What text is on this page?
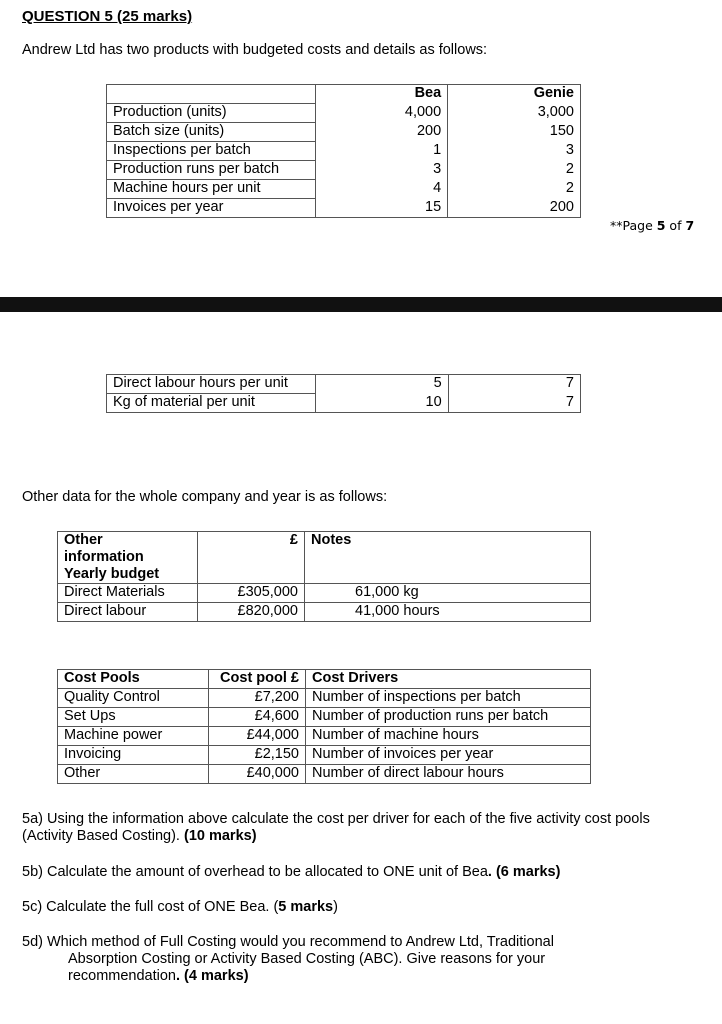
QUESTION 5 (25 marks)
Andrew Ltd has two products with budgeted costs and details as follows:
	Bea	Genie
Production (units)	4,000	3,000
Batch size (units)	200	150
Inspections per batch	1	3
Production runs per batch	3	2
Machine hours per unit	4	2
Invoices per year	15	200
**Page 5 of 7
Direct labour hours per unit	5	7
Kg of material per unit	10	7
Other data for the whole company and year is as follows:
Other
information
Yearly budget	£	Notes
Direct Materials	£305,000	61,000 kg
Direct labour	£820,000	41,000 hours
Cost Pools	Cost pool £	Cost Drivers
Quality Control	£7,200	Number of inspections per batch
Set Ups	£4,600	Number of production runs per batch
Machine power	£44,000	Number of machine hours
Invoicing	£2,150	Number of invoices per year
Other	£40,000	Number of direct labour hours
5a) Using the information above calculate the cost per driver for each of the five activity cost pools (Activity Based Costing). (10 marks)
5b) Calculate the amount of overhead to be allocated to ONE unit of Bea. (6 marks)
5c) Calculate the full cost of ONE Bea. (5 marks)
5d) Which method of Full Costing would you recommend to Andrew Ltd, Traditional
Absorption Costing or Activity Based Costing (ABC). Give reasons for your
recommendation. (4 marks)
